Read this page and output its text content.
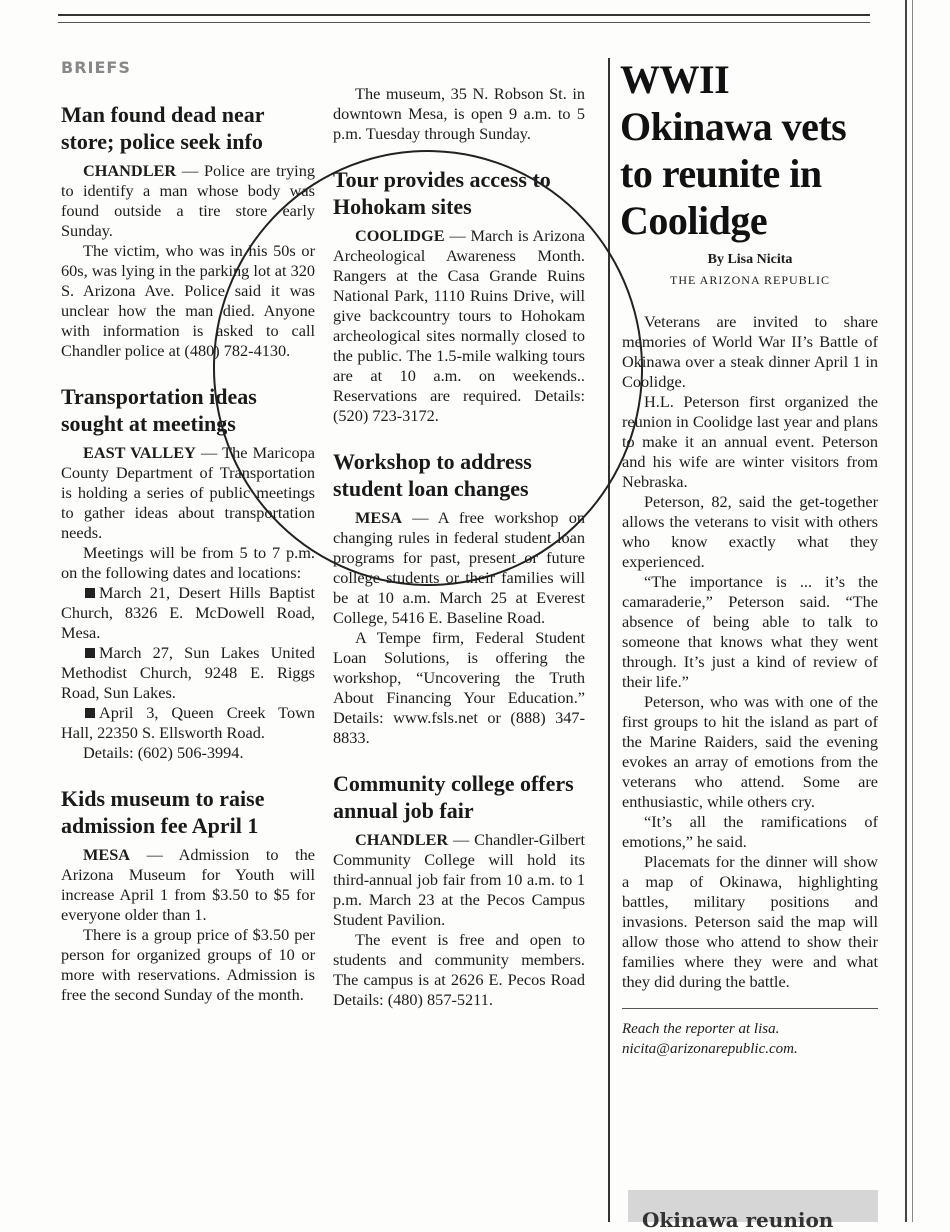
BRIEFS
Man found dead near store; police seek info

CHANDLER — Police are trying to identify a man whose body was found outside a tire store early Sunday.

The victim, who was in his 50s or 60s, was lying in the parking lot at 320 S. Arizona Ave. Police said it was unclear how the man died. Anyone with information is asked to call Chandler police at (480) 782-4130.

Transportation ideas sought at meetings

EAST VALLEY — The Maricopa County Department of Transportation is holding a series of public meetings to gather ideas about transportation needs.

Meetings will be from 5 to 7 p.m. on the following dates and locations:

March 21, Desert Hills Baptist Church, 8326 E. McDowell Road, Mesa.

March 27, Sun Lakes United Methodist Church, 9248 E. Riggs Road, Sun Lakes.

April 3, Queen Creek Town Hall, 22350 S. Ellsworth Road.

Details: (602) 506-3994.

Kids museum to raise admission fee April 1

MESA — Admission to the Arizona Museum for Youth will increase April 1 from $3.50 to $5 for everyone older than 1.

There is a group price of $3.50 per person for organized groups of 10 or more with reservations. Admission is free the second Sunday of the month.

The museum, 35 N. Robson St. in downtown Mesa, is open 9 a.m. to 5 p.m. Tuesday through Sunday.

Tour provides access to Hohokam sites

COOLIDGE — March is Arizona Archeological Awareness Month. Rangers at the Casa Grande Ruins National Park, 1110 Ruins Drive, will give backcountry tours to Hohokam archeological sites normally closed to the public. The 1.5-mile walking tours are at 10 a.m. on weekends.. Reservations are required. Details: (520) 723-3172.

Workshop to address student loan changes

MESA — A free workshop on changing rules in federal student loan programs for past, present or future college students or their families will be at 10 a.m. March 25 at Everest College, 5416 E. Baseline Road.

A Tempe firm, Federal Student Loan Solutions, is offering the workshop, “Uncovering the Truth About Financing Your Education.” Details: www.fsls.net or (888) 347-8833.

Community college offers annual job fair

CHANDLER — Chandler-Gilbert Community College will hold its third-annual job fair from 10 a.m. to 1 p.m. March 23 at the Pecos Campus Student Pavilion.

The event is free and open to students and community members. The campus is at 2626 E. Pecos Road Details: (480) 857-5211.

WWII Okinawa vets to reunite in Coolidge

By Lisa Nicita

THE ARIZONA REPUBLIC

Veterans are invited to share memories of World War II’s Battle of Okinawa over a steak dinner April 1 in Coolidge.

H.L. Peterson first organized the reunion in Coolidge last year and plans to make it an annual event. Peterson and his wife are winter visitors from Nebraska.

Peterson, 82, said the get-together allows the veterans to visit with others who know exactly what they experienced.

“The importance is ... it’s the camaraderie,” Peterson said. “The absence of being able to talk to someone that knows what they went through. It’s just a kind of review of their life.”

Peterson, who was with one of the first groups to hit the island as part of the Marine Raiders, said the evening evokes an array of emotions from the veterans who attend. Some are enthusiastic, while others cry.

“It’s all the ramifications of emotions,” he said.

Placemats for the dinner will show a map of Okinawa, highlighting battles, military positions and invasions. Peterson said the map will allow those who attend to show their families where they were and what they did during the battle.

Reach the reporter at lisa. nicita@arizonarepublic.com.

Okinawa reunion
